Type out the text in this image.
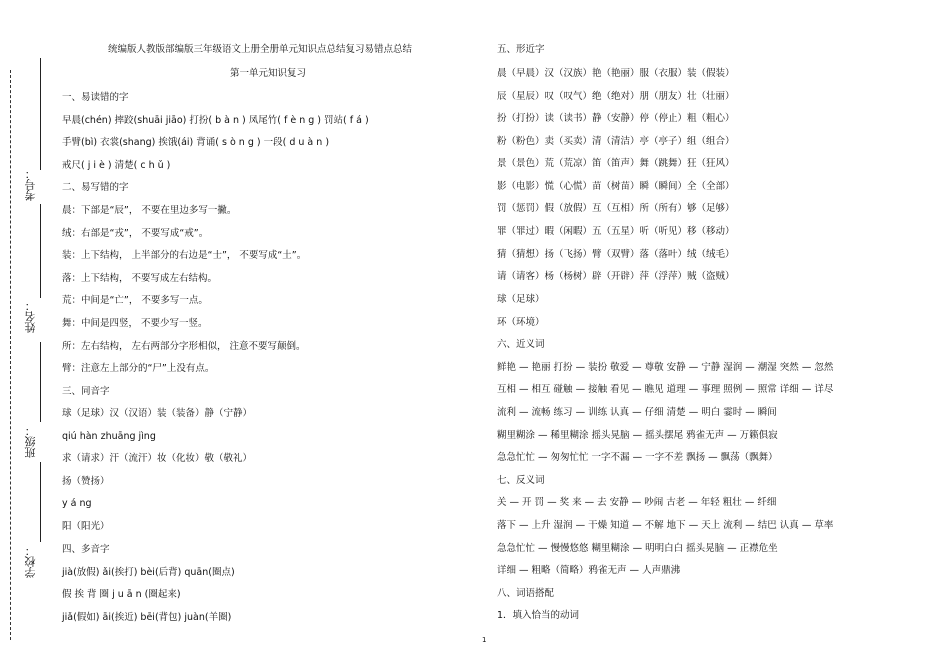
考号：
姓名：
班级：
学校：
统编版人教版部编版三年级语文上册全册单元知识点总结复习易错点总结
第一单元知识复习
一、易读错的字
早晨(chén) 摔跤(shuāi jiāo) 打扮( b à n ) 凤尾竹( f è n g ) 罚站( f á )
手臂(bì) 衣裳(shang) 挨饿(ái) 背诵( s ò n g ) 一段( d u à n )
戒尺( j i è ) 清楚( c h ǔ )
二、易写错的字
晨：下部是“辰”， 不要在里边多写一撇。
绒：右部是“戎”， 不要写成“戒”。
装：上下结构， 上半部分的右边是“士”， 不要写成“土”。
落：上下结构， 不要写成左右结构。
荒：中间是“亡”， 不要多写一点。
舞：中间是四竖， 不要少写一竖。
所：左右结构， 左右两部分字形相似， 注意不要写颠倒。
臂：注意左上部分的“尸”上没有点。
三、同音字
球（足球）汉（汉语）装（装备）静（宁静）
qiú hàn zhuāng jìng
求（请求）汗（流汗）妆（化妆）敬（敬礼）
扬（赞扬）
y á ng
阳（阳光）
四、多音字
jià(放假) ǎi(挨打) bèi(后背) quān(圈点)
假 挨 背 圈 j u ā n (圈起来)
jiǎ(假如) āi(挨近) bēi(背包) juàn(羊圈)
五、形近字
晨（早晨）汉（汉族）艳（艳丽）服（衣服）装（假装）
辰（星辰）叹（叹气）绝（绝对）朋（朋友）壮（壮丽）
扮（打扮）读（读书）静（安静）停（停止）粗（粗心）
粉（粉色）卖（买卖）清（清洁）亭（亭子）组（组合）
景（景色）荒（荒凉）笛（笛声）舞（跳舞）狂（狂风）
影（电影）慌（心慌）苗（树苗）瞬（瞬间）全（全部）
罚（惩罚）假（放假）互（互相）所（所有）够（足够）
罪（罪过）暇（闲暇）五（五星）听（听见）移（移动）
猜（猜想）扬（飞扬）臂（双臂）落（落叶）绒（绒毛）
请（请客）杨（杨树）辟（开辟）萍（浮萍）贼（盗贼）
球（足球）
环（环境）
六、近义词
鲜艳 — 艳丽 打扮 — 装扮 敬爱 — 尊敬 安静 — 宁静 湿润 — 潮湿 突然 — 忽然
互相 — 相互 碰触 — 接触 看见 — 瞧见 道理 — 事理 照例 — 照常 详细 — 详尽
流利 — 流畅 练习 — 训练 认真 — 仔细 清楚 — 明白 霎时 — 瞬间
糊里糊涂 — 稀里糊涂 摇头晃脑 — 摇头摆尾 鸦雀无声 — 万籁俱寂
急急忙忙 — 匆匆忙忙 一字不漏 — 一字不差 飘扬 — 飘荡（飘舞）
七、反义词
关 — 开 罚 — 奖 来 — 去 安静 — 吵闹 古老 — 年轻 粗壮 — 纤细
落下 — 上升 湿润 — 干燥 知道 — 不解 地下 — 天上 流利 — 结巴 认真 — 草率
急急忙忙 — 慢慢悠悠 糊里糊涂 — 明明白白 摇头晃脑 — 正襟危坐
详细 — 粗略（简略）鸦雀无声 — 人声鼎沸
八、词语搭配
1．填入恰当的动词
1
